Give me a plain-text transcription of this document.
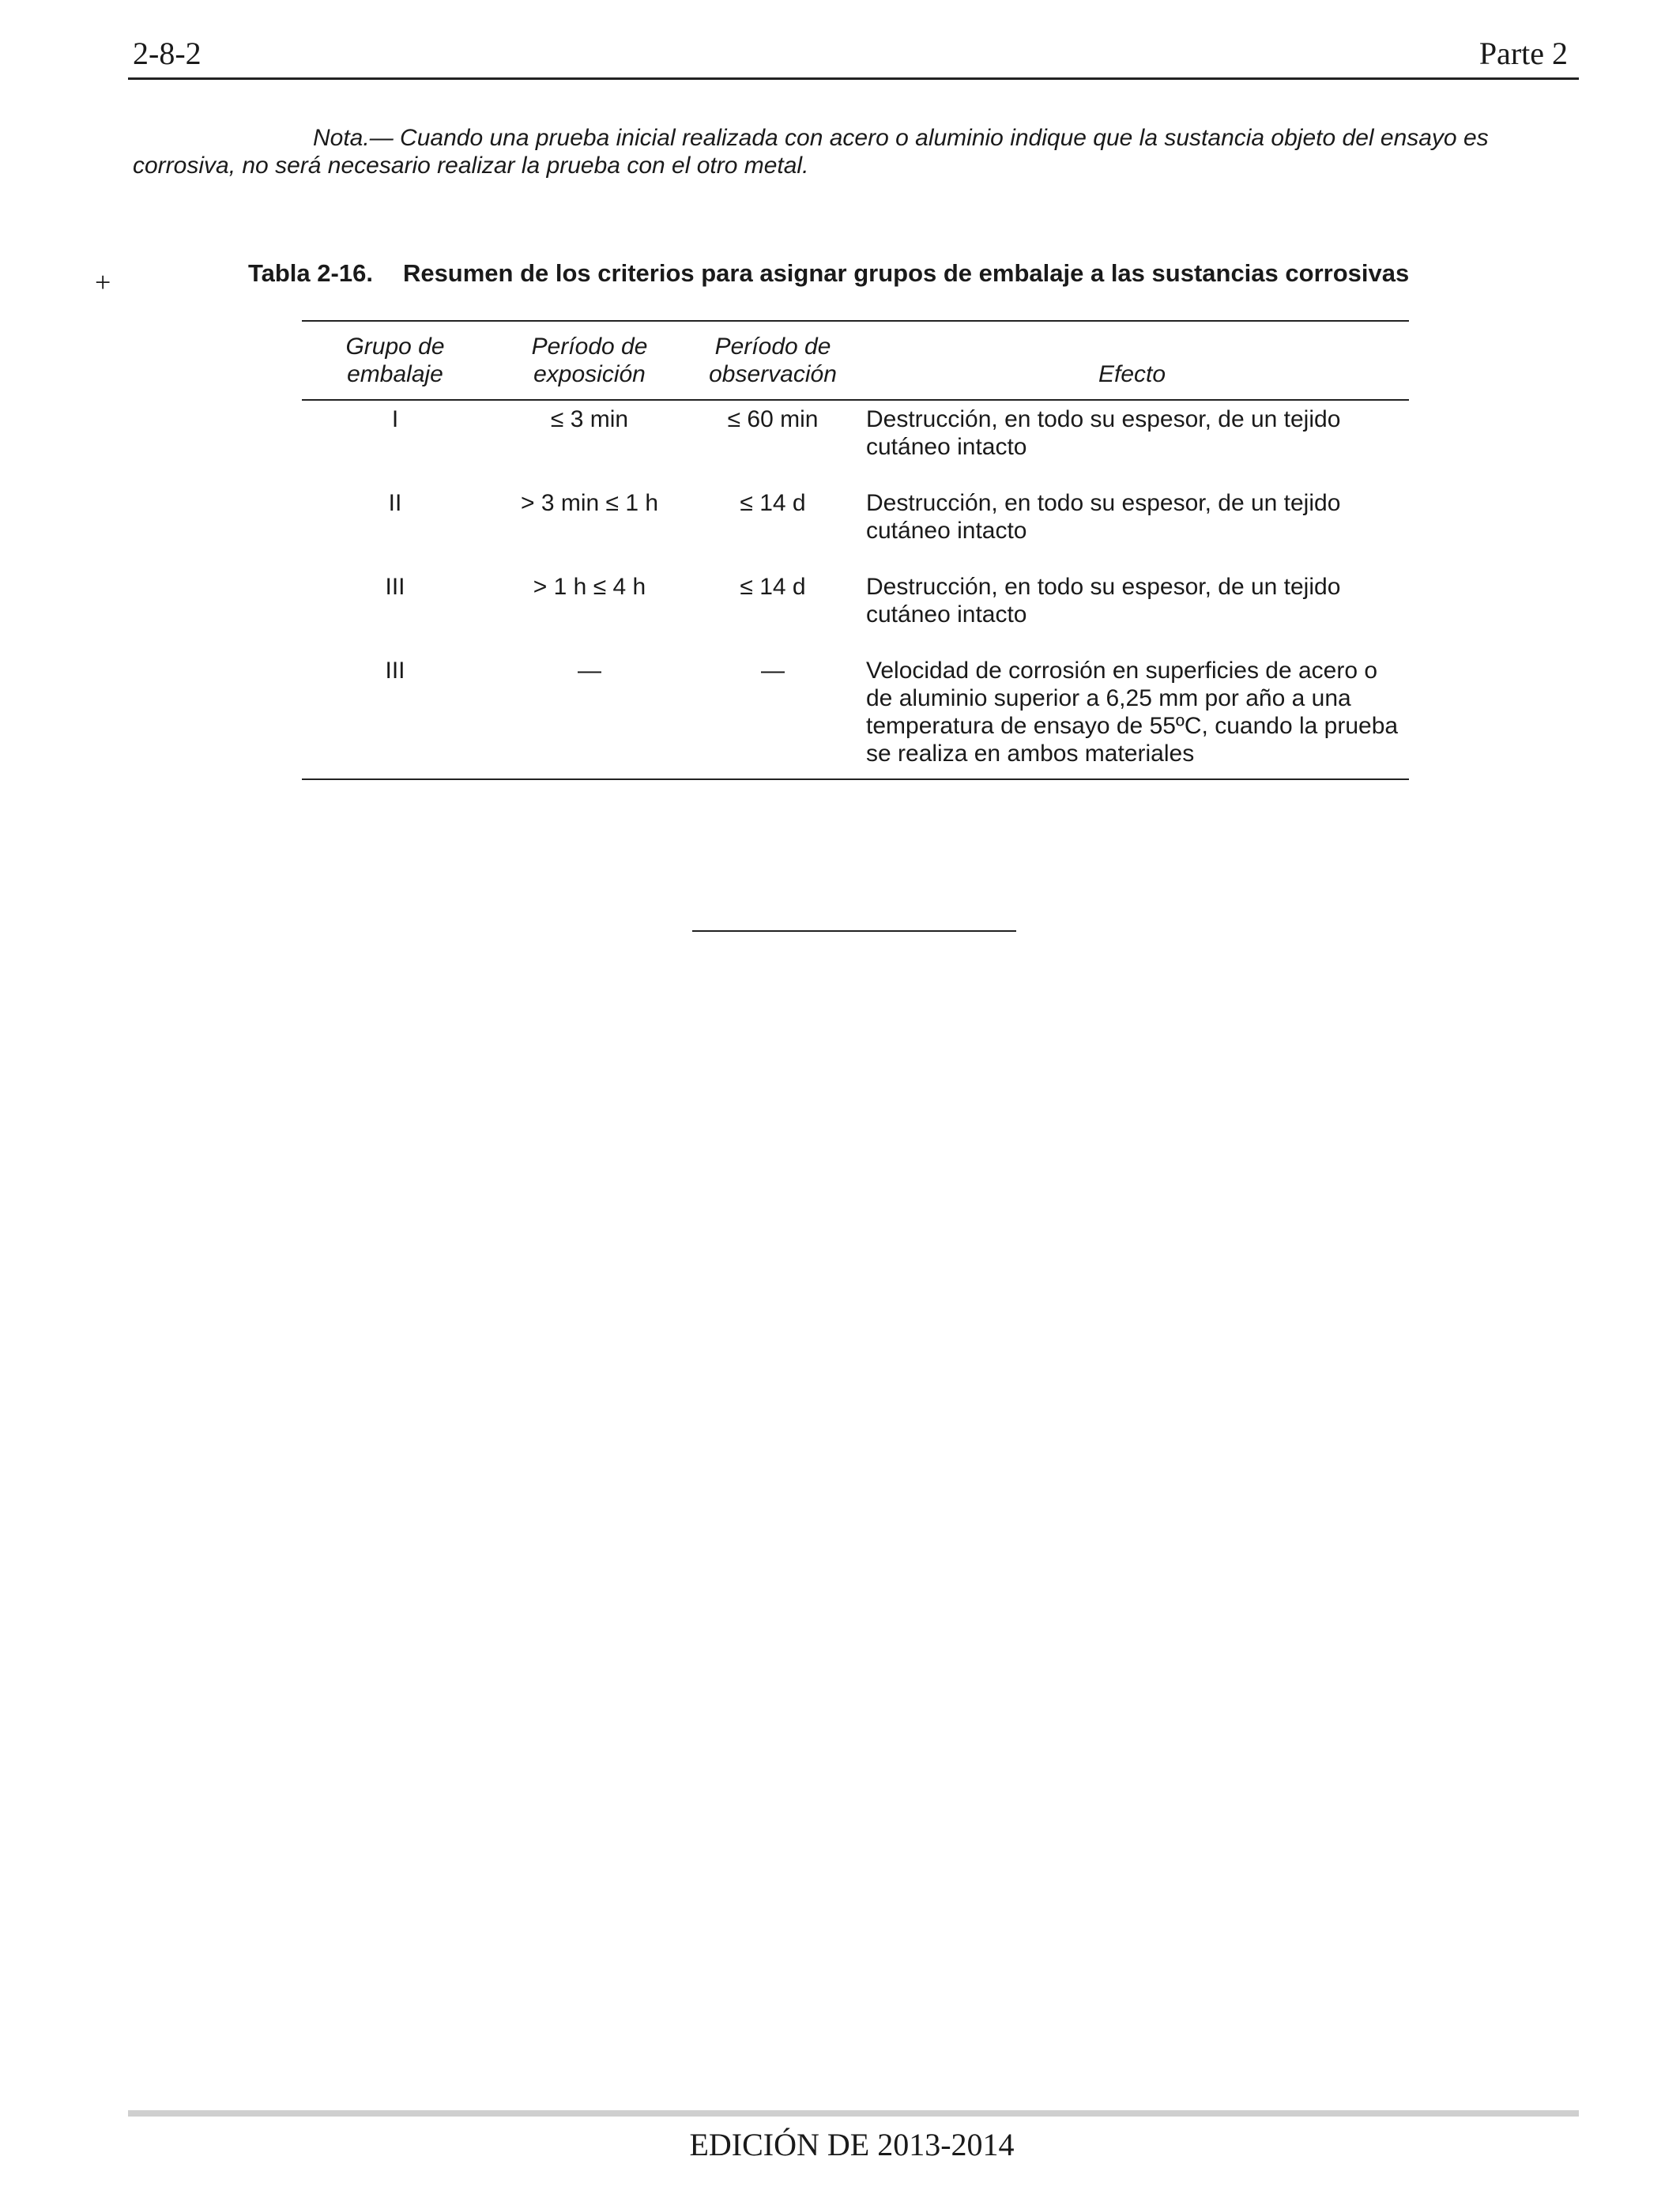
2-8-2	Parte 2
Nota.— Cuando una prueba inicial realizada con acero o aluminio indique que la sustancia objeto del ensayo es corrosiva, no será necesario realizar la prueba con el otro metal.
+	Tabla 2-16. Resumen de los criterios para asignar grupos de embalaje a las sustancias corrosivas
Grupo de embalaje	Período de exposición	Período de observación	Efecto
I	≤ 3 min	≤ 60 min	Destrucción, en todo su espesor, de un tejido cutáneo intacto
II	> 3 min ≤ 1 h	≤ 14 d	Destrucción, en todo su espesor, de un tejido cutáneo intacto
III	> 1 h ≤ 4 h	≤ 14 d	Destrucción, en todo su espesor, de un tejido cutáneo intacto
III	—	—	Velocidad de corrosión en superficies de acero o de aluminio superior a 6,25 mm por año a una temperatura de ensayo de 55ºC, cuando la prueba se realiza en ambos materiales
EDICIÓN DE 2013-2014
